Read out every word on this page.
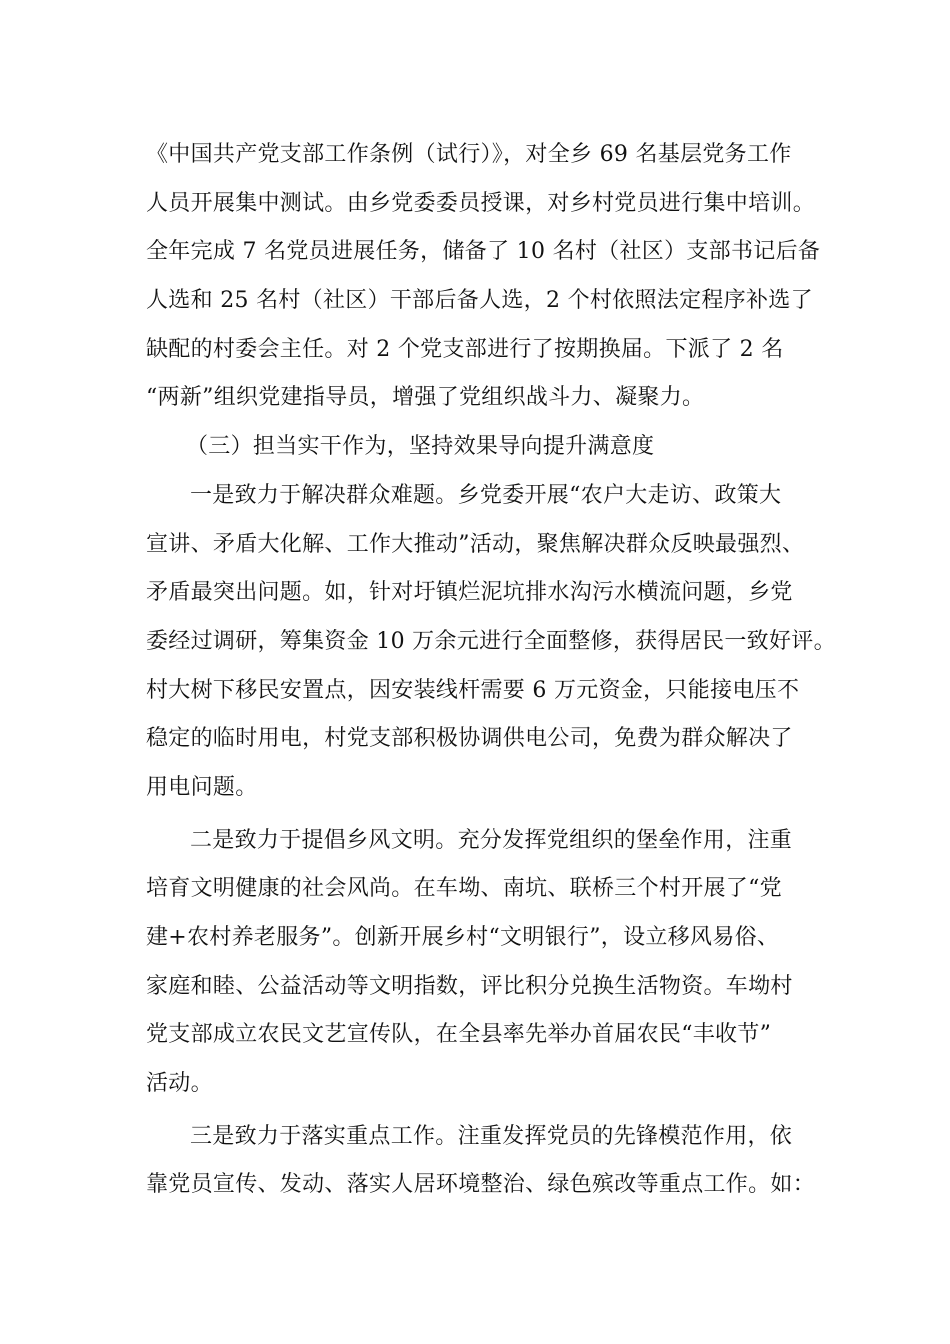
《中国共产党支部工作条例（试行）》，对全乡 69 名基层党务工作
人员开展集中测试。由乡党委委员授课，对乡村党员进行集中培训。
全年完成 7 名党员进展任务，储备了 10 名村（社区）支部书记后备
人选和 25 名村（社区）干部后备人选，2 个村依照法定程序补选了
缺配的村委会主任。对 2 个党支部进行了按期换届。下派了 2 名
“两新”组织党建指导员，增强了党组织战斗力、凝聚力。
（三）担当实干作为，坚持效果导向提升满意度
一是致力于解决群众难题。乡党委开展“农户大走访、政策大
宣讲、矛盾大化解、工作大推动”活动，聚焦解决群众反映最强烈、
矛盾最突出问题。如，针对圩镇烂泥坑排水沟污水横流问题，乡党
委经过调研，筹集资金 10 万余元进行全面整修，获得居民一致好评。
村大树下移民安置点，因安装线杆需要 6 万元资金，只能接电压不
稳定的临时用电，村党支部积极协调供电公司，免费为群众解决了
用电问题。
二是致力于提倡乡风文明。充分发挥党组织的堡垒作用，注重
培育文明健康的社会风尚。在车坳、南坑、联桥三个村开展了“党
建+农村养老服务”。创新开展乡村“文明银行”，设立移风易俗、
家庭和睦、公益活动等文明指数，评比积分兑换生活物资。车坳村
党支部成立农民文艺宣传队，在全县率先举办首届农民“丰收节”
活动。
三是致力于落实重点工作。注重发挥党员的先锋模范作用，依
靠党员宣传、发动、落实人居环境整治、绿色殡改等重点工作。如：
